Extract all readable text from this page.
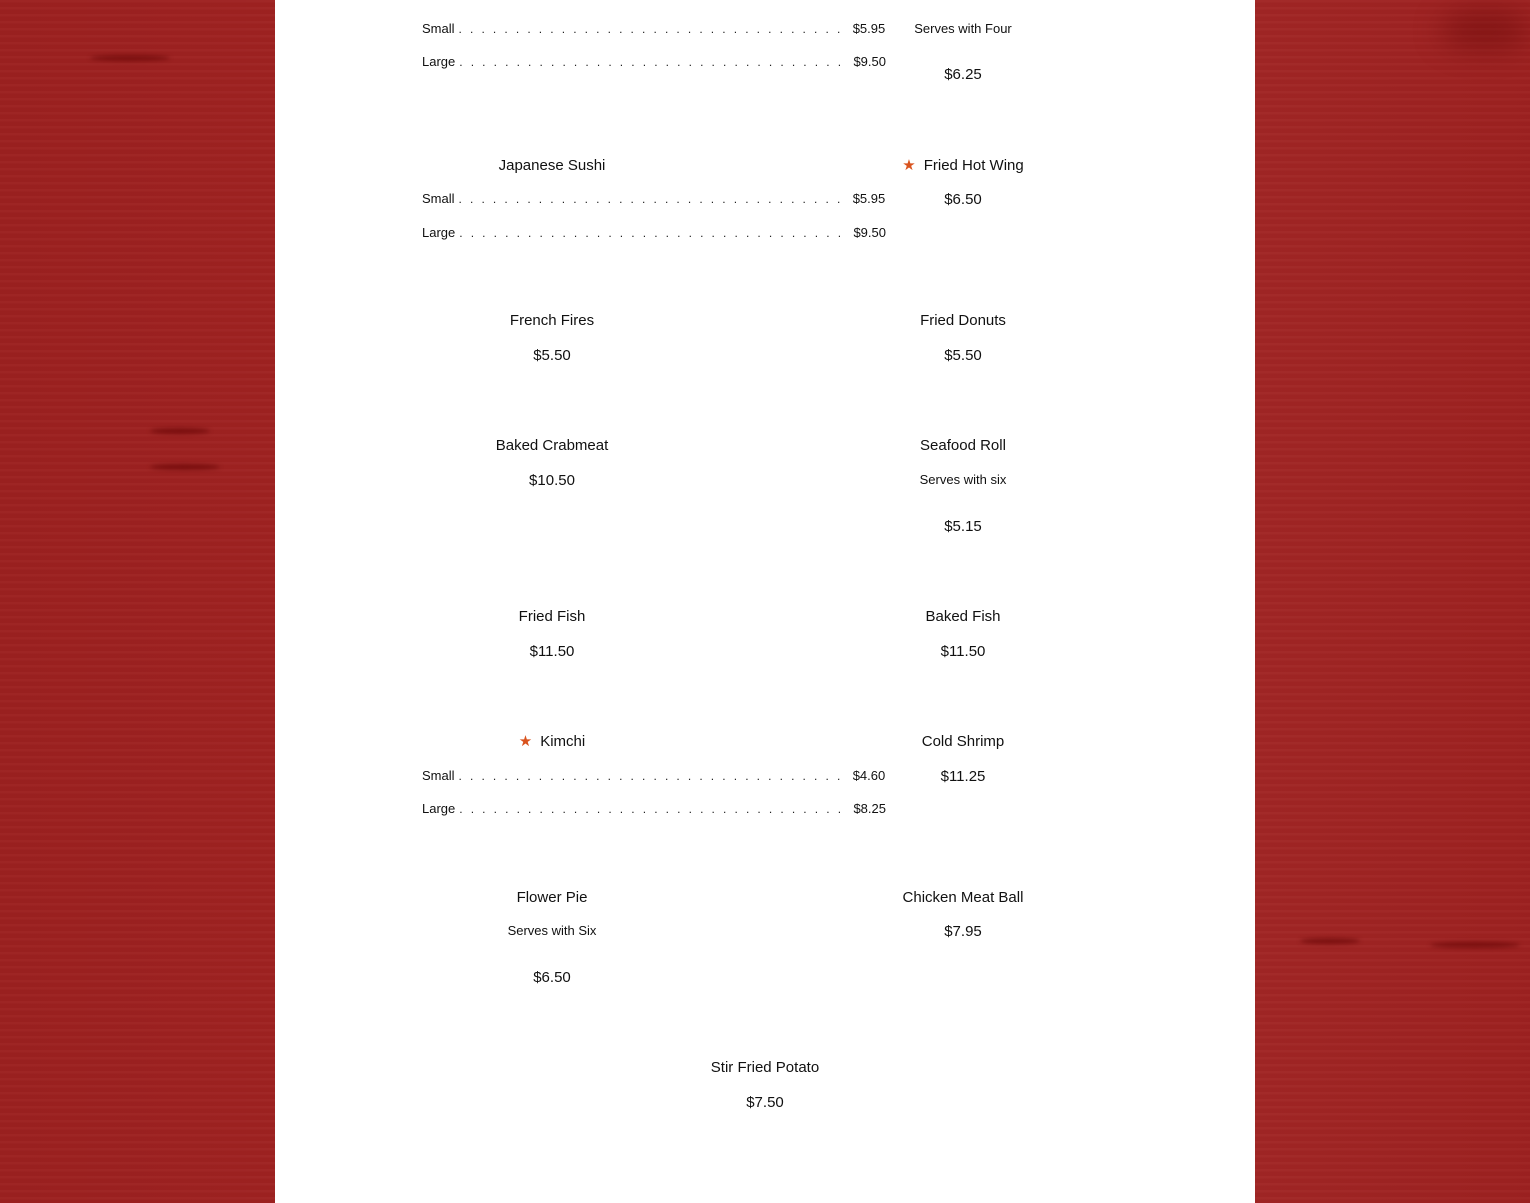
Small . . . . . . . . . . . . . . . . . . . . . . . . . . . . . . . . . . $5.95
Large . . . . . . . . . . . . . . . . . . . . . . . . . . . . . . . . . . $9.50
Serves with Four
$6.25
Japanese Sushi
Small . . . . . . . . . . . . . . . . . . . . . . . . . . . . . . . . . . $5.95
Large . . . . . . . . . . . . . . . . . . . . . . . . . . . . . . . . . . $9.50
★ Fried Hot Wing
$6.50
French Fires
$5.50
Fried Donuts
$5.50
Baked Crabmeat
$10.50
Seafood Roll
Serves with six
$5.15
Fried Fish
$11.50
Baked Fish
$11.50
★ Kimchi
Small . . . . . . . . . . . . . . . . . . . . . . . . . . . . . . . . . . $4.60
Large . . . . . . . . . . . . . . . . . . . . . . . . . . . . . . . . . . $8.25
Cold Shrimp
$11.25
Flower Pie
Serves with Six
$6.50
Chicken Meat Ball
$7.95
Stir Fried Potato
$7.50
